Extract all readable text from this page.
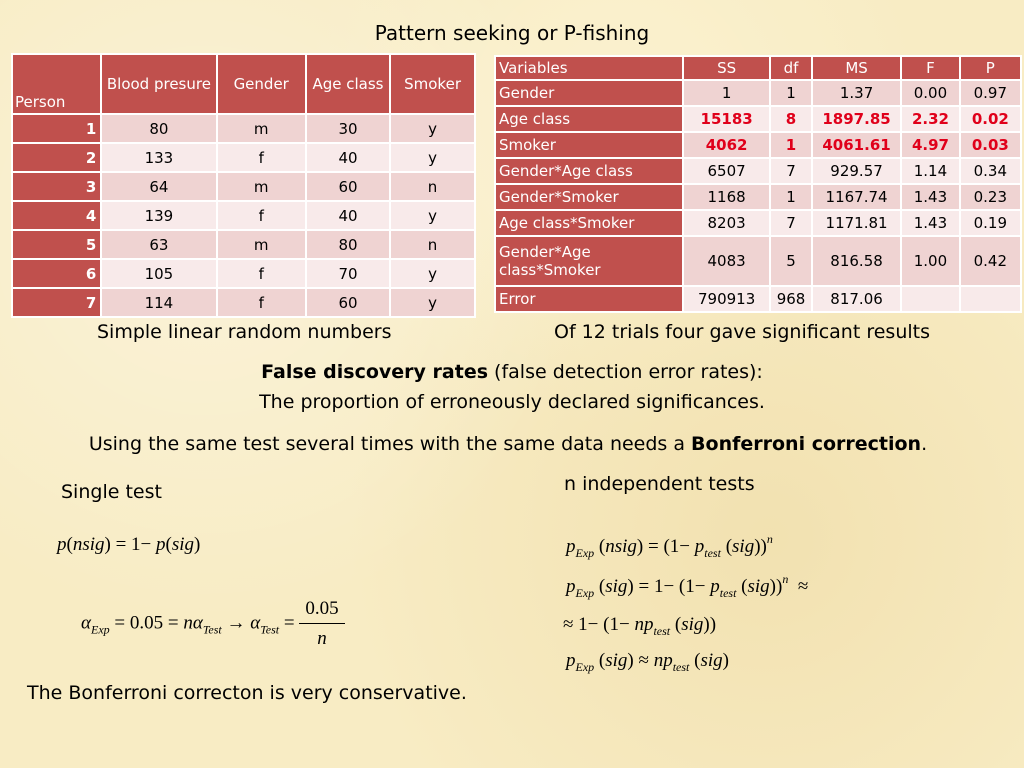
Pattern seeking or P-fishing
Person	Blood presure	Gender	Age class	Smoker
1	80	m	30	y
2	133	f	40	y
3	64	m	60	n
4	139	f	40	y
5	63	m	80	n
6	105	f	70	y
7	114	f	60	y
Variables	SS	df	MS	F	P
Gender	1	1	1.37	0.00	0.97
Age class	15183	8	1897.85	2.32	0.02
Smoker	4062	1	4061.61	4.97	0.03
Gender*Age class	6507	7	929.57	1.14	0.34
Gender*Smoker	1168	1	1167.74	1.43	0.23
Age class*Smoker	8203	7	1171.81	1.43	0.19
Gender*Age class*Smoker	4083	5	816.58	1.00	0.42
Error	790913	968	817.06		
Simple linear random numbers	Of 12 trials four gave significant results
False discovery rates (false detection error rates):
The proportion of erroneously declared significances.
Using the same test several times with the same data needs a Bonferroni correction.
Single test	n independent tests
p(nsig) = 1− p(sig)
$\alpha_{Exp} = 0.05 = n\alpha_{Test} \to \alpha_{Test} = \frac{0.05}{n}$
$p_{Exp}$ (nsig) = ($1- p_{test}$ (sig))$^n$
$p_{Exp}$ $(sig) = 1- (1- p_{test}$ (sig))$^n$  ≈
≈ $1- (1- np_{test}$ (sig))
$p_{Exp}$ $(sig) \approx np_{test}$ (sig)
The Bonferroni correcton is very conservative.
